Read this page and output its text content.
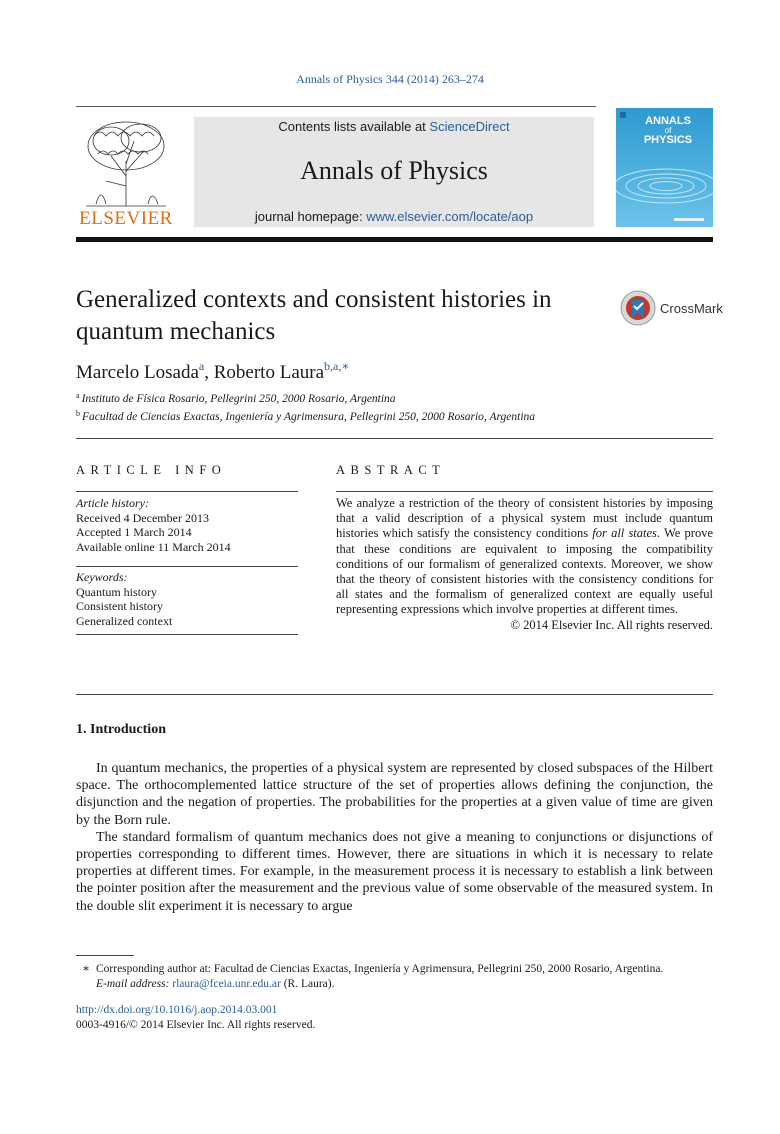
Annals of Physics 344 (2014) 263–274
ELSEVIER
Contents lists available at ScienceDirect
Annals of Physics
journal homepage: www.elsevier.com/locate/aop
ANNALS
of
PHYSICS
Generalized contexts and consistent histories in quantum mechanics
CrossMark
Marcelo Losada$^a$, Roberto Laura$^{b,a,∗}$
$^a$ Instituto de Física Rosario, Pellegrini 250, 2000 Rosario, Argentina
$^b$ Facultad de Ciencias Exactas, Ingeniería y Agrimensura, Pellegrini 250, 2000 Rosario, Argentina
ARTICLE INFO	ABSTRACT
Article history:
Received 4 December 2013
Accepted 1 March 2014
Available online 11 March 2014
Keywords:
Quantum history
Consistent history
Generalized context
We analyze a restriction of the theory of consistent histories by imposing that a valid description of a physical system must include quantum histories which satisfy the consistency conditions for all states. We prove that these conditions are equivalent to imposing the compatibility conditions of our formalism of generalized contexts. Moreover, we show that the theory of consistent histories with the consistency conditions for all states and the formalism of generalized context are equally useful representing expressions which involve properties at different times.
© 2014 Elsevier Inc. All rights reserved.
1. Introduction

In quantum mechanics, the properties of a physical system are represented by closed subspaces of the Hilbert space. The orthocomplemented lattice structure of the set of properties allows defining the conjunction, the disjunction and the negation of properties. The probabilities for the properties at a given value of time are given by the Born rule.

The standard formalism of quantum mechanics does not give a meaning to conjunctions or disjunctions of properties corresponding to different times. However, there are situations in which it is necessary to relate properties at different times. For example, in the measurement process it is necessary to establish a link between the pointer position after the measurement and the previous value of some observable of the measured system. In the double slit experiment it is necessary to argue

∗ Corresponding author at: Facultad de Ciencias Exactas, Ingeniería y Agrimensura, Pellegrini 250, 2000 Rosario, Argentina.
E-mail address: rlaura@fceia.unr.edu.ar (R. Laura).
http://dx.doi.org/10.1016/j.aop.2014.03.001
0003-4916/© 2014 Elsevier Inc. All rights reserved.
